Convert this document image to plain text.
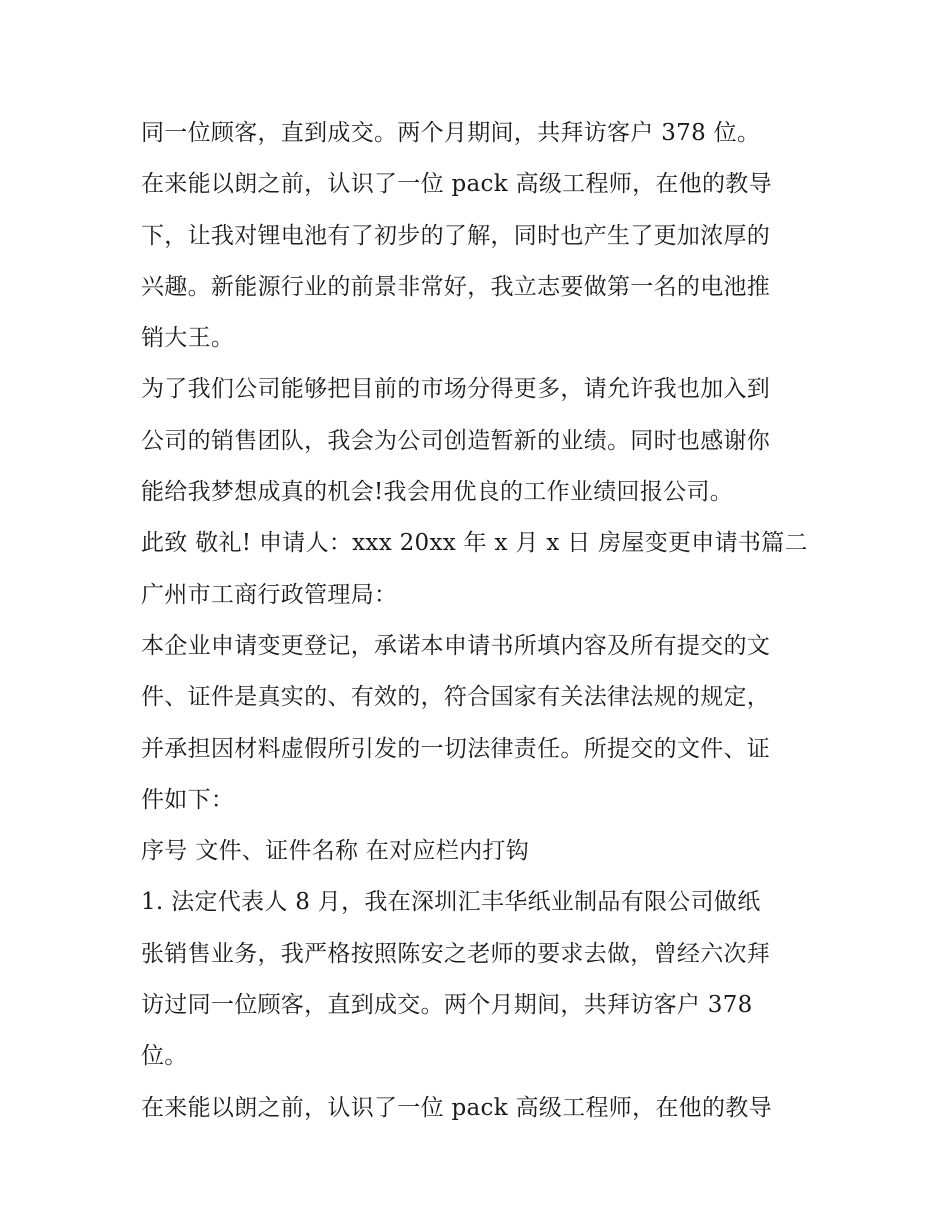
同一位顾客，直到成交。两个月期间，共拜访客户 378 位。
在来能以朗之前，认识了一位 pack 高级工程师，在他的教导
下，让我对锂电池有了初步的了解，同时也产生了更加浓厚的
兴趣。新能源行业的前景非常好，我立志要做第一名的电池推
销大王。
为了我们公司能够把目前的市场分得更多，请允许我也加入到
公司的销售团队，我会为公司创造暂新的业绩。同时也感谢你
能给我梦想成真的机会!我会用优良的工作业绩回报公司。
此致 敬礼! 申请人：xxx 20xx 年 x 月 x 日 房屋变更申请书篇二
广州市工商行政管理局：
本企业申请变更登记，承诺本申请书所填内容及所有提交的文
件、证件是真实的、有效的，符合国家有关法律法规的规定，
并承担因材料虚假所引发的一切法律责任。所提交的文件、证
件如下：
序号 文件、证件名称 在对应栏内打钩
1. 法定代表人 8 月，我在深圳汇丰华纸业制品有限公司做纸
张销售业务，我严格按照陈安之老师的要求去做，曾经六次拜
访过同一位顾客，直到成交。两个月期间，共拜访客户 378
位。
在来能以朗之前，认识了一位 pack 高级工程师，在他的教导
